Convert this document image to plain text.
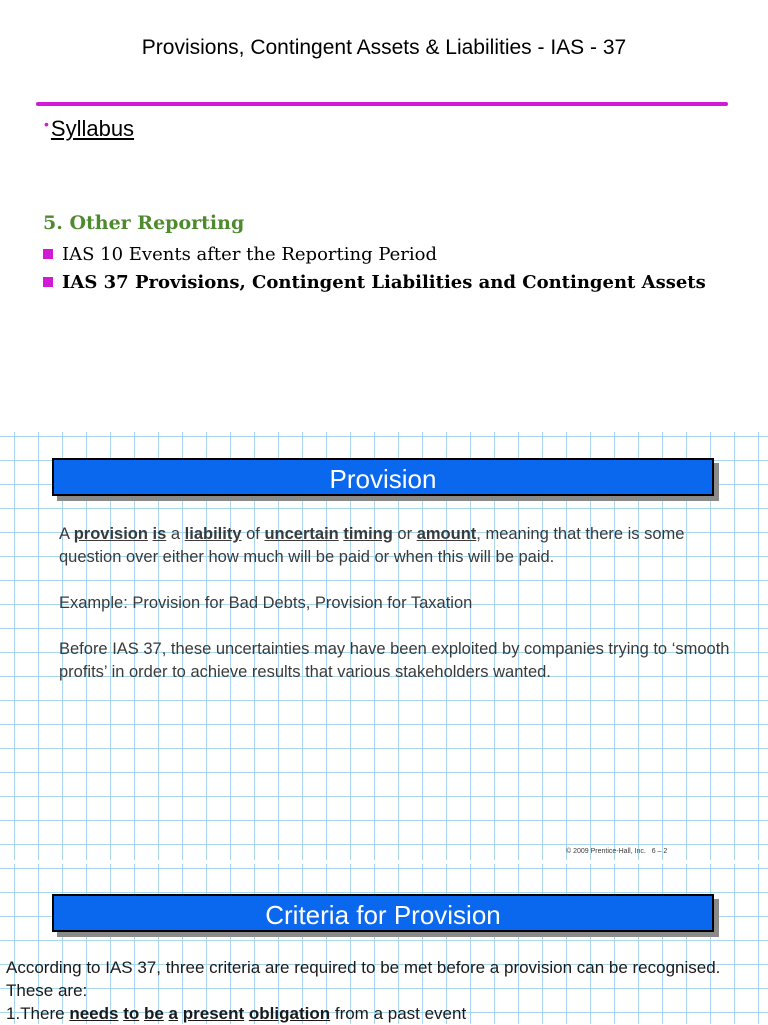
Provisions, Contingent Assets & Liabilities - IAS - 37
•Syllabus
5. Other Reporting
IAS 10 Events after the Reporting Period
IAS 37 Provisions, Contingent Liabilities and Contingent Assets
Provision

A provision is a liability of uncertain timing or amount, meaning that there is some question over either how much will be paid or when this will be paid.

Example: Provision for Bad Debts, Provision for Taxation

Before IAS 37, these uncertainties may have been exploited by companies trying to ‘smooth profits’ in order to achieve results that various stakeholders wanted.

© 2009 Prentice-Hall, Inc.   6 – 2
Criteria for Provision

According to IAS 37, three criteria are required to be met before a provision can be recognised. These are:

1.There needs to be a present obligation from a past event
